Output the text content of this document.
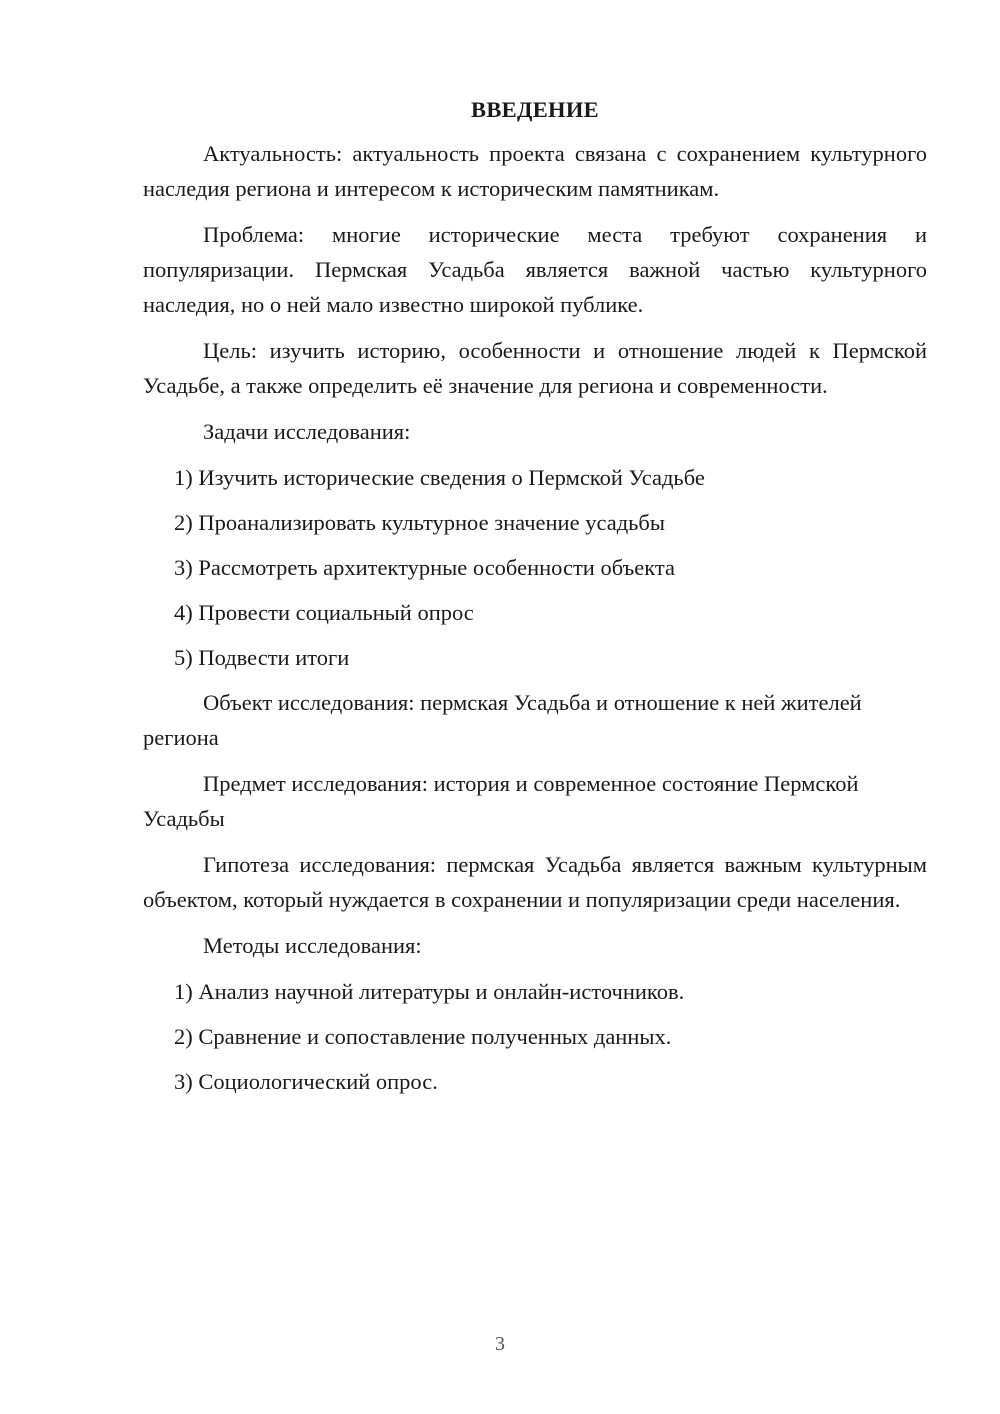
ВВЕДЕНИЕ

Актуальность: актуальность проекта связана с сохранением культурного наследия региона и интересом к историческим памятникам.

Проблема: многие исторические места требуют сохранения и популяризации. Пермская Усадьба является важной частью культурного наследия, но о ней мало известно широкой публике.

Цель: изучить историю, особенности и отношение людей к Пермской Усадьбе, а также определить её значение для региона и современности.

Задачи исследования:

1) Изучить исторические сведения о Пермской Усадьбе
2) Проанализировать культурное значение усадьбы
3) Рассмотреть архитектурные особенности объекта
4) Провести социальный опрос
5) Подвести итоги

Объект исследования: пермская Усадьба и отношение к ней жителей региона

Предмет исследования: история и современное состояние Пермской Усадьбы

Гипотеза исследования: пермская Усадьба является важным культурным объектом, который нуждается в сохранении и популяризации среди населения.

Методы исследования:

1) Анализ научной литературы и онлайн-источников.
2) Сравнение и сопоставление полученных данных.
3) Социологический опрос.
3
